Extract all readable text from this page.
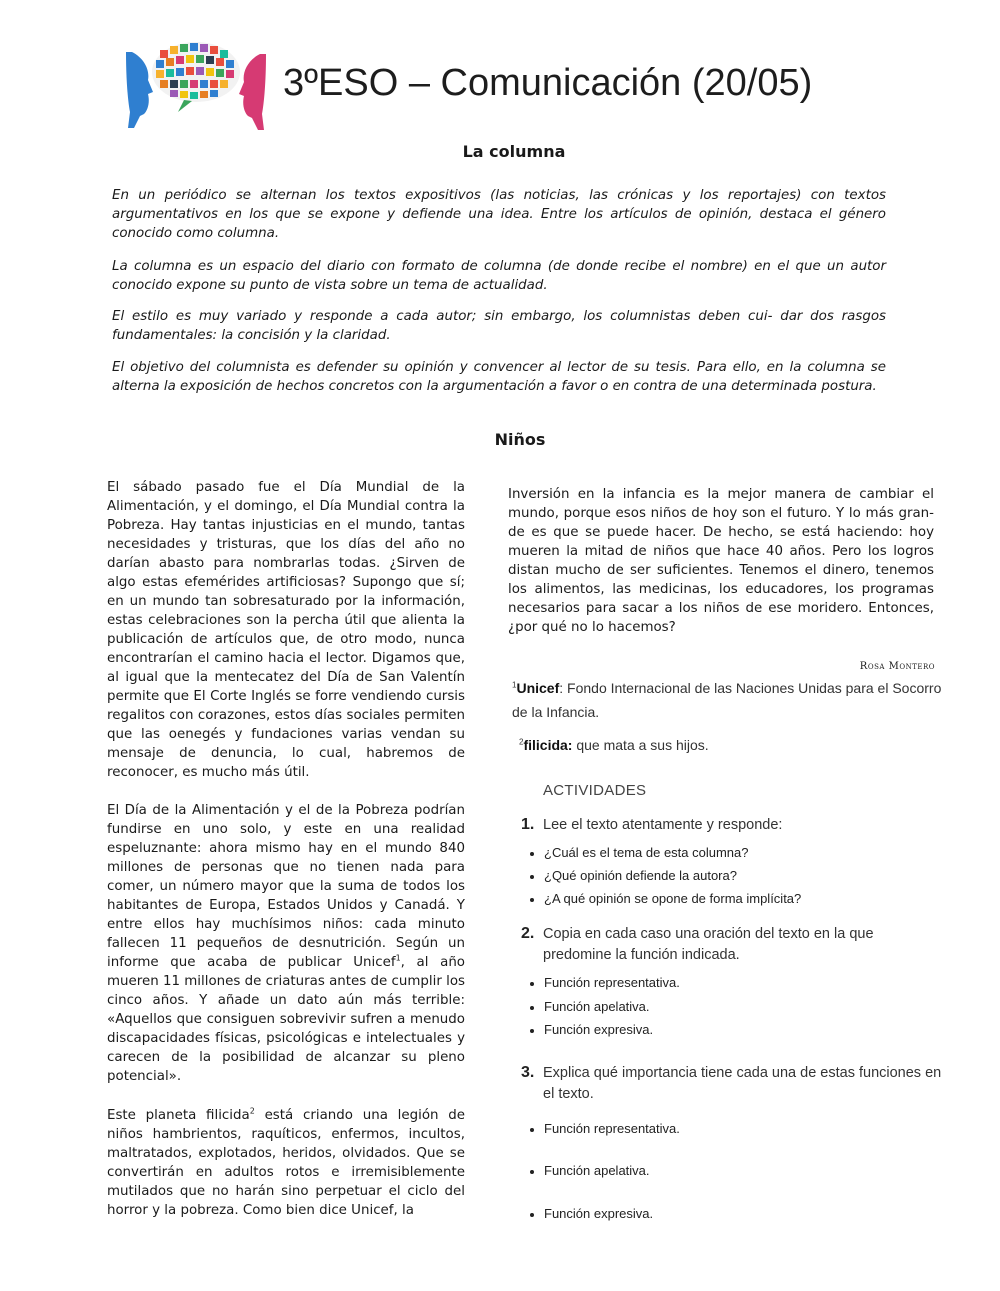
3ºESO – Comunicación (20/05)
La columna

En un periódico se alternan los textos expositivos (las noticias, las crónicas y los reportajes) con textos argumentativos en los que se expone y defiende una idea. Entre los artículos de opinión, destaca el género conocido como columna.

La columna es un espacio del diario con formato de columna (de donde recibe el nombre) en el que un autor conocido expone su punto de vista sobre un tema de actualidad.

El estilo es muy variado y responde a cada autor; sin embargo, los columnistas deben cui- dar dos rasgos fundamentales: la concisión y la claridad.

El objetivo del columnista es defender su opinión y convencer al lector de su tesis. Para ello, en la columna se alterna la exposición de hechos concretos con la argumentación a favor o en contra de una determinada postura.

Niños

El sábado pasado fue el Día Mundial de la Alimentación, y el domingo, el Día Mundial contra la Pobreza. Hay tantas injusticias en el mundo, tantas necesidades y tristuras, que los días del año no darían abasto para nombrarlas todas. ¿Sirven de algo estas efemérides artificiosas? Supongo que sí; en un mundo tan sobresaturado por la información, estas celebraciones son la percha útil que alienta la publicación de artículos que, de otro modo, nunca encontrarían el camino hacia el lector. Digamos que, al igual que la mentecatez del Día de San Valentín permite que El Corte Inglés se forre vendiendo cursis regalitos con corazones, estos días sociales permiten que las oenegés y fundaciones varias vendan su mensaje de denuncia, lo cual, habremos de reconocer, es mucho más útil.

El Día de la Alimentación y el de la Pobreza podrían fundirse en uno solo, y este en una realidad espeluznante: ahora mismo hay en el mundo 840 millones de personas que no tienen nada para comer, un número mayor que la suma de todos los habitantes de Europa, Estados Unidos y Canadá. Y entre ellos hay muchísimos niños: cada minuto fallecen 11 pequeños de desnutrición. Según un informe que acaba de publicar Unicef$^1$, al año mueren 11 millones de criaturas antes de cumplir los cinco años. Y añade un dato aún más terrible: «Aquellos que consiguen sobrevivir sufren a menudo discapacidades físicas, psicológicas e intelectuales y carecen de la posibilidad de alcanzar su pleno potencial».

Este planeta filicida$^2$ está criando una legión de niños hambrientos, raquíticos, enfermos, incultos, maltratados, explotados, heridos, olvidados. Que se convertirán en adultos rotos e irremisiblemente mutilados que no harán sino perpetuar el ciclo del horror y la pobreza. Como bien dice Unicef, la

Inversión en la infancia es la mejor manera de cambiar el mundo, porque esos niños de hoy son el futuro. Y lo más gran- de es que se puede hacer. De hecho, se está haciendo: hoy mueren la mitad de niños que hace 40 años. Pero los logros distan mucho de ser suficientes. Tenemos el dinero, tenemos los alimentos, las medicinas, los educadores, los programas necesarios para sacar a los niños de ese moridero. Entonces, ¿por qué no lo hacemos?

Rosa Montero

$^1$Unicef: Fondo Internacional de las Naciones Unidas para el Socorro de la Infancia.

$^2$filicida: que mata a sus hijos.

ACTIVIDADES
1. Lee el texto atentamente y responde:
¿Cuál es el tema de esta columna?
¿Qué opinión defiende la autora?
¿A qué opinión se opone de forma implícita?
2. Copia en cada caso una oración del texto en la que predomine la función indicada.
Función representativa.
Función apelativa.
Función expresiva.
3. Explica qué importancia tiene cada una de estas funciones en el texto.
Función representativa.
Función apelativa.
Función expresiva.
